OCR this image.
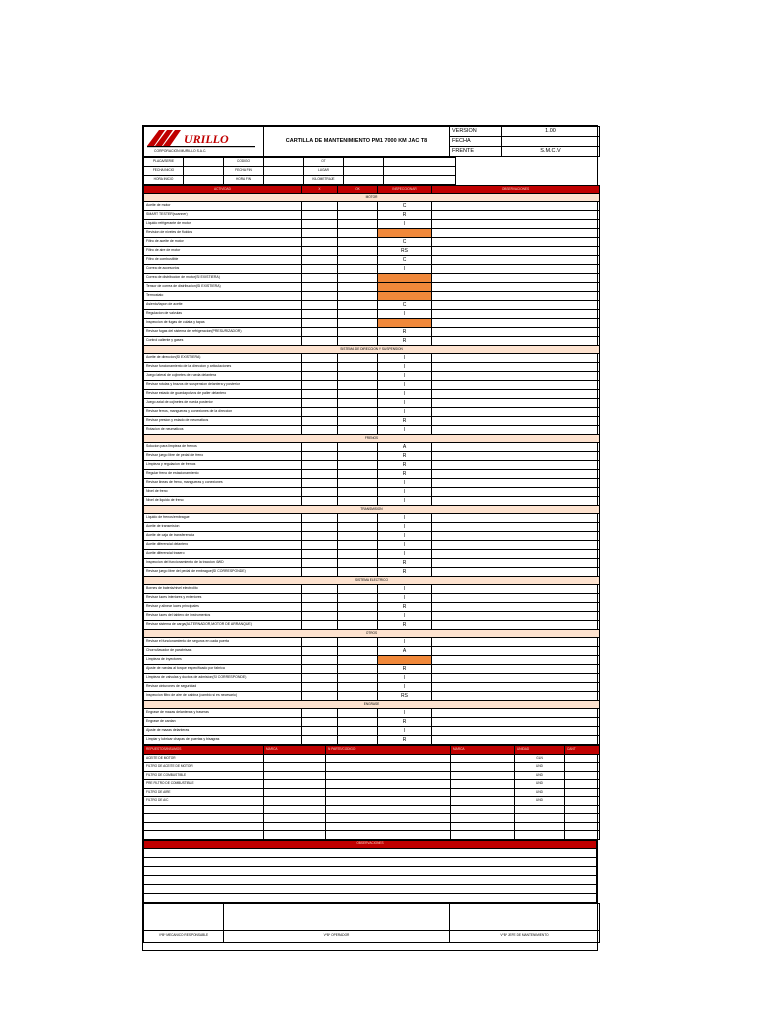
URILLO
CORPORACION MURILLO S.A.C.	CARTILLA DE MANTENIMIENTO PM1 7000 KM JAC T8	VERSION	1.00
		FECHA	
		FRENTE	S.M.C.V
PLACA/SERIE		CODIGO		OT		
FECHA INICIO		FECHA FIN		LUGAR		
HORA INICIO		HORA FIN		KILOMETRAJE		
ACTIVIDAD	X	OK	INSPECCIONAR	OBSERVACIONES
MOTOR				
Aceite de motor			C	
SMART TESTER(scanner)			R	
Liquido refrigerante de motor			I	
Revision de niveles de fluidos				
Filtro de aceite de motor			C	
Filtro de aire de motor			RS	
Filtro de combustible			C	
Correa de accesorios			I	
Correa de distribucion de motor(SI EXISTIERA)				
Tensor de correa de distribucion(SI EXISTIERA)				
Termostato				
Asiento/tapon de aceite			C	
Regulacion de valvulas			I	
Inspeccion de fugas de culata y tapas				
Revisar fugas del sistema de refrigeracion(PRESURIZADOR)			R	
Control caliente y gases			R	
SISTEMA DE DIRECCION Y SUSPENSION				
Aceite de direccion(SI EXISTIERA)			I	
Revisar funcionamiento de la direccion y articulaciones			I	
Juego lateral de cojinetes de rueda delantera			I	
Revisar rotulas y brazos de suspension delantera y posterior			I	
Revisar estado de guardapolvos de palier delantero			I	
Juego axial de cojinetes de rueda posterior			I	
Revisar ferros, mangueras y conexiones de la direccion			I	
Revisar presion y estado de neumaticos			R	
Rotacion de neumaticos			I	
FRENOS				
Solucion para limpieza de frenos			A	
Revisar juego libre de pedal de freno			R	
Limpieza y regulacion de frenos			R	
Regular freno de estacionamiento			R	
Revisar lineas de freno, mangueras y conexiones			I	
Nivel de freno			I	
Nivel de liquido de freno			I	
TRANSMISION				
Liquido de frenos/embrague			I	
Aceite de transmision			I	
Aceite de caja de transferencia			I	
Aceite diferencial delantero			I	
Aceite diferencial trasero			I	
Inspeccion del funcionamiento de la traccion 4WD			R	
Revisar juego libre del pedal de embrague(SI CORRESPONDE)			R	
SISTEMA ELECTRICO				
Bornes de bateria/nivel electrolito			I	
Revisar luces interiores y exteriores			I	
Revisar y alinear luces principales			R	
Revisar luces del tablero de instrumentos			I	
Revisar sistema de carga(ALTERNADOR,MOTOR DE ARRANQUE)			R	
OTROS				
Revisar el funcionamiento de seguros en cada puerta			I	
Chorro/lavador de parabrisas			A	
Limpieza de inyectores				
Ajuste de ruedas al torque especificado por fabrica			R	
Limpieza de valvulas y ductos de admision(SI CORRESPONDE)			I	
Revisar cinturones de seguridad			I	
Inspeccion filtro de aire de cabina (cambio si es necesario)			RS	
ENGRASE				
Engrase de mazas delanteras y traseras			I	
Engrase de cardan			R	
Ajuste de mazas delanteras			I	
Limpiar y lubricar chapas de puertas y bisagras			R	
REPUESTOS/INSUMOS	MARCA	N PARTE/CODIGO	MARCA	UNIDAD	CANT
ACEITE DE MOTOR				GLN	
FILTRO DE ACEITE DE MOTOR				UND	
FILTRO DE COMBUSTIBLE				UND	
PRE FILTRO DE COMBUSTIBLE				UND	
FILTRO DE AIRE				UND	
FILTRO DE A/C				UND	

OBSERVACIONES

VºBº MECANICO RESPONSABLE	VºBº OPERADOR	VºBº JEFE DE MANTENIMIENTO
